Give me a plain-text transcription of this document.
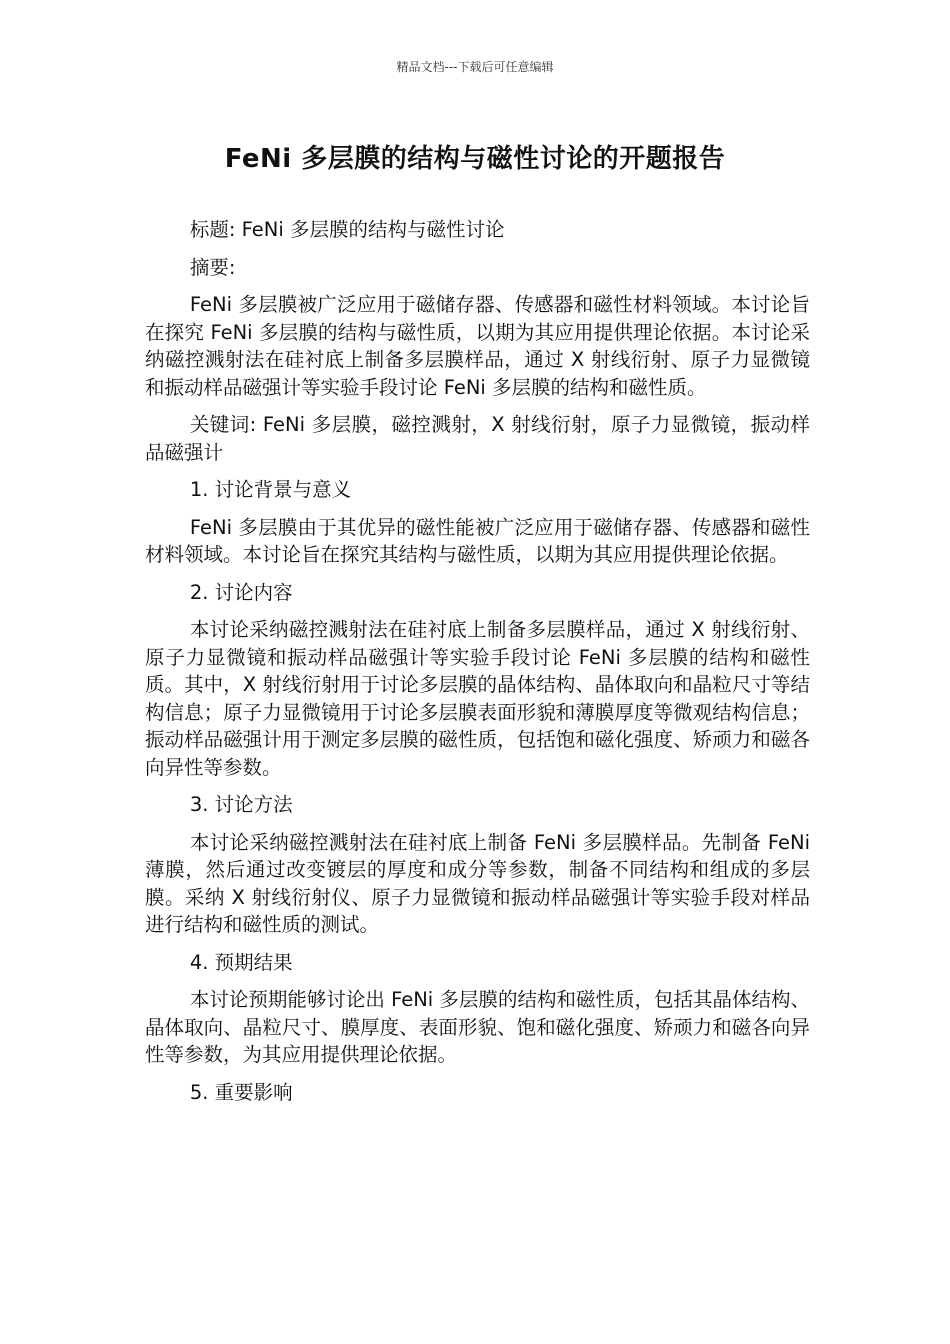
精品文档---下载后可任意编辑
FeNi 多层膜的结构与磁性讨论的开题报告

标题: FeNi 多层膜的结构与磁性讨论

摘要:

FeNi 多层膜被广泛应用于磁储存器、传感器和磁性材料领域。本讨论旨在探究 FeNi 多层膜的结构与磁性质，以期为其应用提供理论依据。本讨论采纳磁控溅射法在硅衬底上制备多层膜样品，通过 X 射线衍射、原子力显微镜和振动样品磁强计等实验手段讨论 FeNi 多层膜的结构和磁性质。

关键词: FeNi 多层膜，磁控溅射，X 射线衍射，原子力显微镜，振动样品磁强计

1. 讨论背景与意义

FeNi 多层膜由于其优异的磁性能被广泛应用于磁储存器、传感器和磁性材料领域。本讨论旨在探究其结构与磁性质，以期为其应用提供理论依据。

2. 讨论内容

本讨论采纳磁控溅射法在硅衬底上制备多层膜样品，通过 X 射线衍射、原子力显微镜和振动样品磁强计等实验手段讨论 FeNi 多层膜的结构和磁性质。其中，X 射线衍射用于讨论多层膜的晶体结构、晶体取向和晶粒尺寸等结构信息；原子力显微镜用于讨论多层膜表面形貌和薄膜厚度等微观结构信息；振动样品磁强计用于测定多层膜的磁性质，包括饱和磁化强度、矫顽力和磁各向异性等参数。

3. 讨论方法

本讨论采纳磁控溅射法在硅衬底上制备 FeNi 多层膜样品。先制备 FeNi 薄膜，然后通过改变镀层的厚度和成分等参数，制备不同结构和组成的多层膜。采纳 X 射线衍射仪、原子力显微镜和振动样品磁强计等实验手段对样品进行结构和磁性质的测试。

4. 预期结果

本讨论预期能够讨论出 FeNi 多层膜的结构和磁性质，包括其晶体结构、晶体取向、晶粒尺寸、膜厚度、表面形貌、饱和磁化强度、矫顽力和磁各向异性等参数，为其应用提供理论依据。

5. 重要影响
